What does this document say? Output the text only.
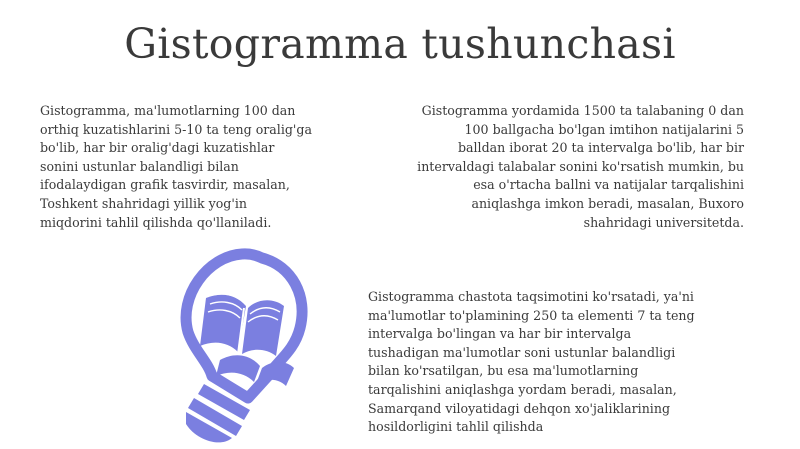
Gistogramma tushunchasi

Gistogramma, ma'lumotlarning 100 dan
orthiq kuzatishlarini 5-10 ta teng oralig'ga
bo'lib, har bir oralig'dagi kuzatishlar
sonini ustunlar balandligi bilan
ifodalaydigan grafik tasvirdir, masalan,
Toshkent shahridagi yillik yog'in
miqdorini tahlil qilishda qo'llaniladi.

Gistogramma yordamida 1500 ta talabaning 0 dan
100 ballgacha bo'lgan imtihon natijalarini 5
balldan iborat 20 ta intervalga bo'lib, har bir
intervaldagi talabalar sonini ko'rsatish mumkin, bu
esa o'rtacha ballni va natijalar tarqalishini
aniqlashga imkon beradi, masalan, Buxoro
shahridagi universitetda.

Gistogramma chastota taqsimotini ko'rsatadi, ya'ni
ma'lumotlar to'plamining 250 ta elementi 7 ta teng
intervalga bo'lingan va har bir intervalga
tushadigan ma'lumotlar soni ustunlar balandligi
bilan ko'rsatilgan, bu esa ma'lumotlarning
tarqalishini aniqlashga yordam beradi, masalan,
Samarqand viloyatidagi dehqon xo'jaliklarining
hosildorligini tahlil qilishda
